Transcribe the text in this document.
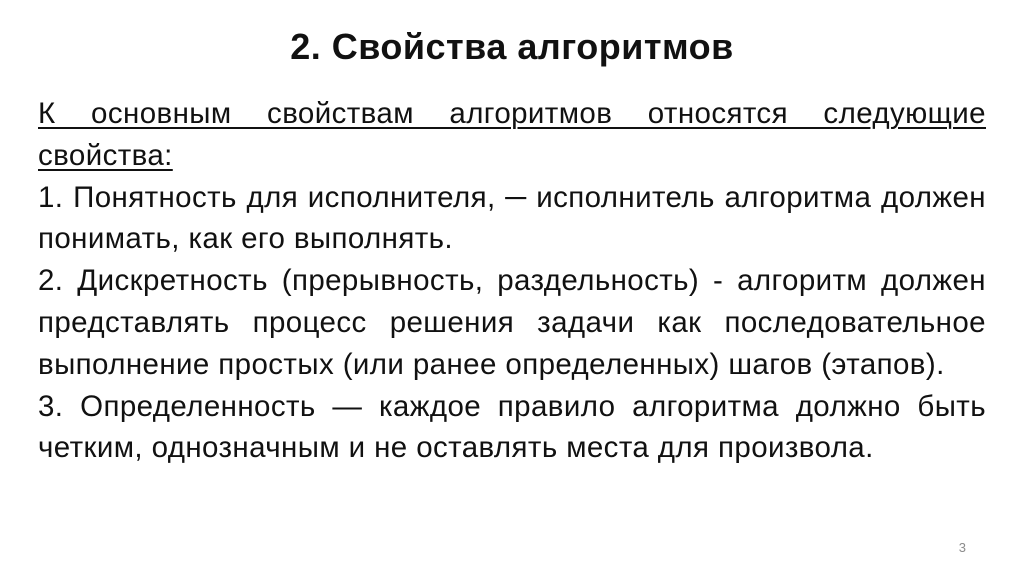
2. Свойства алгоритмов

К основным свойствам алгоритмов относятся следующие свойства:

1. Понятность для исполнителя, ─ исполнитель алгоритма должен понимать, как его выполнять.

2. Дискретность (прерывность, раздельность) - алгоритм должен представлять процесс решения задачи как последовательное выполнение простых (или ранее определенных) шагов (этапов).

3. Определенность — каждое правило алгоритма должно быть четким, однозначным и не оставлять места для произвола.

3
